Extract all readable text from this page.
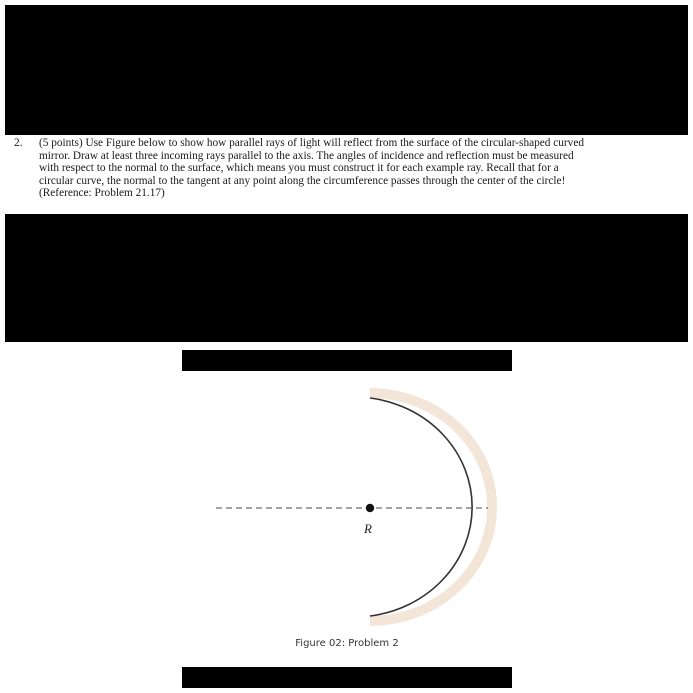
2.	(5 points) Use Figure below to show how parallel rays of light will reflect from the surface of the circular-shaped curved
mirror. Draw at least three incoming rays parallel to the axis. The angles of incidence and reflection must be measured
with respect to the normal to the surface, which means you must construct it for each example ray. Recall that for a
circular curve, the normal to the tangent at any point along the circumference passes through the center of the circle!
(Reference: Problem 21.17)
R
Figure 02: Problem 2
